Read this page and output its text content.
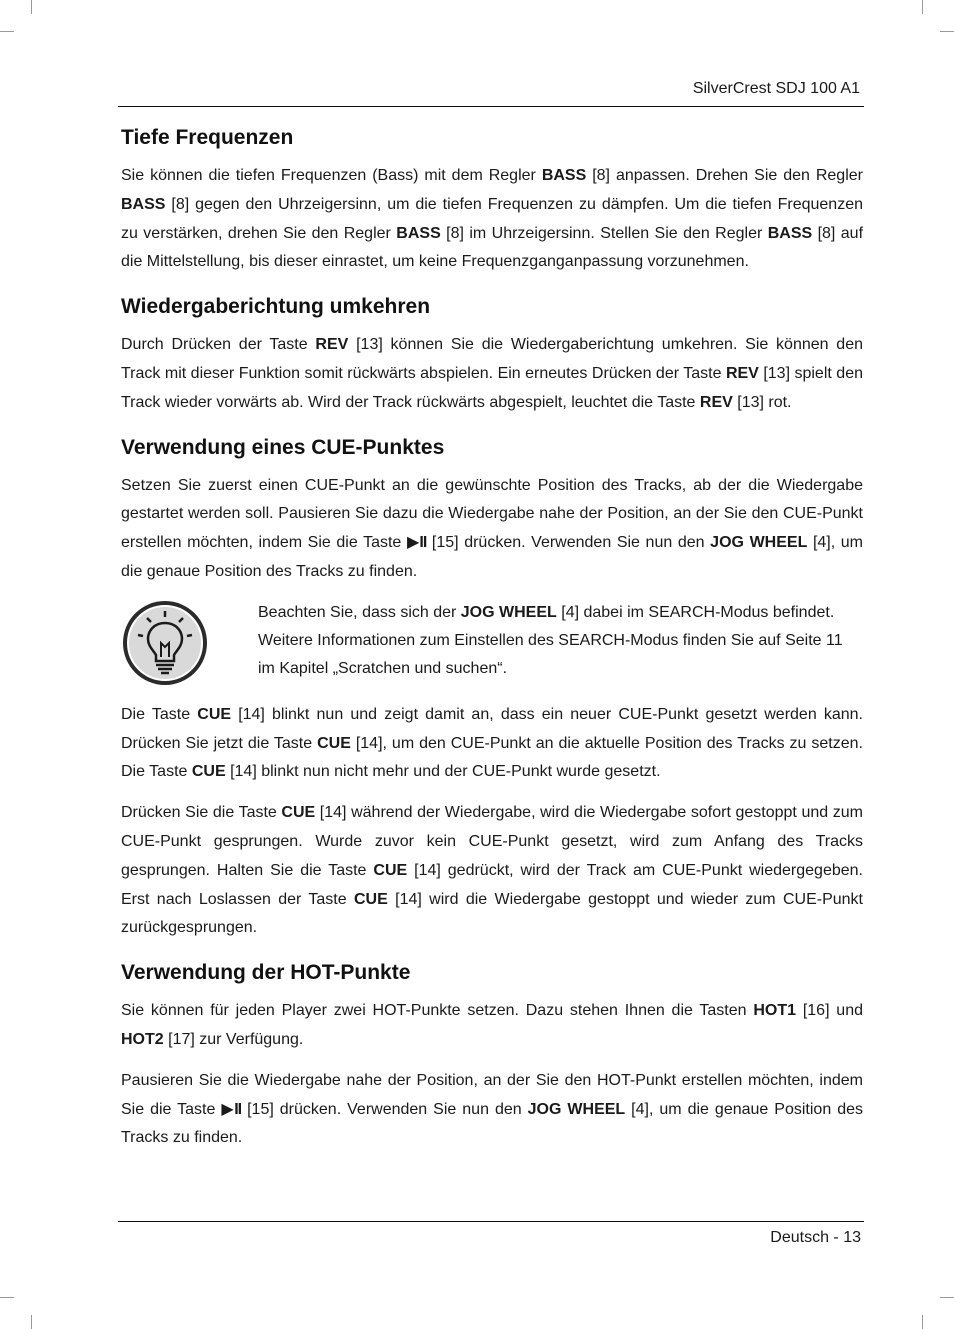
SilverCrest SDJ 100 A1
Tiefe Frequenzen

Sie können die tiefen Frequenzen (Bass) mit dem Regler BASS [8] anpassen. Drehen Sie den Regler BASS [8] gegen den Uhrzeigersinn, um die tiefen Frequenzen zu dämpfen. Um die tiefen Frequenzen zu verstärken, drehen Sie den Regler BASS [8] im Uhrzeigersinn. Stellen Sie den Regler BASS [8] auf die Mittelstellung, bis dieser einrastet, um keine Frequenzganganpassung vorzunehmen.

Wiedergaberichtung umkehren

Durch Drücken der Taste REV [13] können Sie die Wiedergaberichtung umkehren. Sie können den Track mit dieser Funktion somit rückwärts abspielen. Ein erneutes Drücken der Taste REV [13] spielt den Track wieder vorwärts ab. Wird der Track rückwärts abgespielt, leuchtet die Taste REV [13] rot.

Verwendung eines CUE-Punktes

Setzen Sie zuerst einen CUE-Punkt an die gewünschte Position des Tracks, ab der die Wiedergabe gestartet werden soll. Pausieren Sie dazu die Wiedergabe nahe der Position, an der Sie den CUE-Punkt erstellen möchten, indem Sie die Taste ▶II [15] drücken. Verwenden Sie nun den JOG WHEEL [4], um die genaue Position des Tracks zu finden.

Beachten Sie, dass sich der JOG WHEEL [4] dabei im SEARCH-Modus befindet. Weitere Informationen zum Einstellen des SEARCH-Modus finden Sie auf Seite 11 im Kapitel „Scratchen und suchen“.

Die Taste CUE [14] blinkt nun und zeigt damit an, dass ein neuer CUE-Punkt gesetzt werden kann. Drücken Sie jetzt die Taste CUE [14], um den CUE-Punkt an die aktuelle Position des Tracks zu setzen. Die Taste CUE [14] blinkt nun nicht mehr und der CUE-Punkt wurde gesetzt.

Drücken Sie die Taste CUE [14] während der Wiedergabe, wird die Wiedergabe sofort gestoppt und zum CUE-Punkt gesprungen. Wurde zuvor kein CUE-Punkt gesetzt, wird zum Anfang des Tracks gesprungen. Halten Sie die Taste CUE [14] gedrückt, wird der Track am CUE-Punkt wiedergegeben. Erst nach Loslassen der Taste CUE [14] wird die Wiedergabe gestoppt und wieder zum CUE-Punkt zurückgesprungen.

Verwendung der HOT-Punkte

Sie können für jeden Player zwei HOT-Punkte setzen. Dazu stehen Ihnen die Tasten HOT1 [16] und HOT2 [17] zur Verfügung.

Pausieren Sie die Wiedergabe nahe der Position, an der Sie den HOT-Punkt erstellen möchten, indem Sie die Taste ▶II [15] drücken. Verwenden Sie nun den JOG WHEEL [4], um die genaue Position des Tracks zu finden.

Deutsch - 13
